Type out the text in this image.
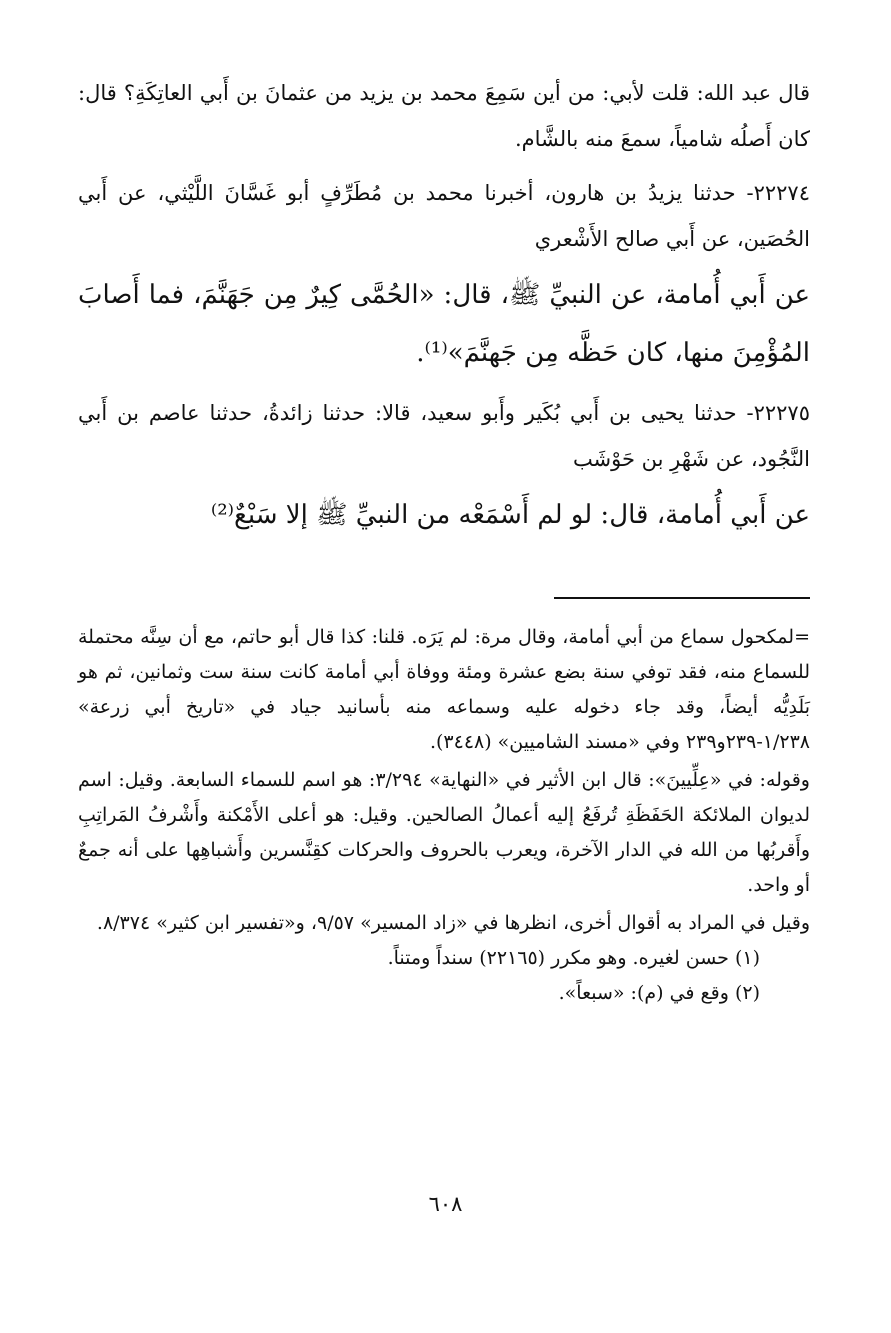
قال عبد الله: قلت لأبي: من أين سَمِعَ محمد بن يزيد من عثمانَ بن أَبي العاتِكَةِ؟ قال: كان أَصلُه شامياً، سمعَ منه بالشَّام.

٢٢٢٧٤- حدثنا يزيدُ بن هارون، أخبرنا محمد بن مُطَرِّفٍ أبو غَسَّانَ اللَّيْثي، عن أَبي الحُصَين، عن أَبي صالح الأَشْعري

عن أَبي أُمامة، عن النبيِّ ﷺ، قال: «الحُمَّى كِيرٌ مِن جَهَنَّمَ، فما أَصابَ المُؤْمِنَ منها، كان حَظَّه مِن جَهنَّمَ»⁽¹⁾.

٢٢٢٧٥- حدثنا يحيى بن أَبي بُكَير وأَبو سعيد، قالا: حدثنا زائدةُ، حدثنا عاصم بن أَبي النَّجُود، عن شَهْرِ بن حَوْشَب

عن أَبي أُمامة، قال: لو لم أَسْمَعْه من النبيِّ ﷺ إلا سَبْعٌ⁽²⁾

=لمكحول سماع من أبي أمامة، وقال مرة: لم يَرَه. قلنا: كذا قال أبو حاتم، مع أن سِنَّه محتملة للسماع منه، فقد توفي سنة بضع عشرة ومئة ووفاة أبي أمامة كانت سنة ست وثمانين، ثم هو بَلَدِيُّه أيضاً، وقد جاء دخوله عليه وسماعه منه بأسانيد جياد في «تاريخ أبي زرعة» ١/٢٣٨-٢٣٩و٢٣٩ وفي «مسند الشاميين» (٣٤٤٨).

وقوله: في «عِلِّيينَ»: قال ابن الأثير في «النهاية» ٣/٢٩٤: هو اسم للسماء السابعة. وقيل: اسم لديوان الملائكة الحَفَظَةِ تُرفَعُ إليه أعمالُ الصالحين. وقيل: هو أعلى الأَمْكنة وأَشْرفُ المَراتِبِ وأَقربُها من الله في الدار الآخرة، ويعرب بالحروف والحركات كقِنَّسرين وأَشباهِها على أنه جمعٌ أو واحد.

وقيل في المراد به أقوال أخرى، انظرها في «زاد المسير» ٩/٥٧، و«تفسير ابن كثير» ٨/٣٧٤.

(١) حسن لغيره. وهو مكرر (٢٢١٦٥) سنداً ومتناً.

(٢) وقع في (م): «سبعاً».

٦٠٨
